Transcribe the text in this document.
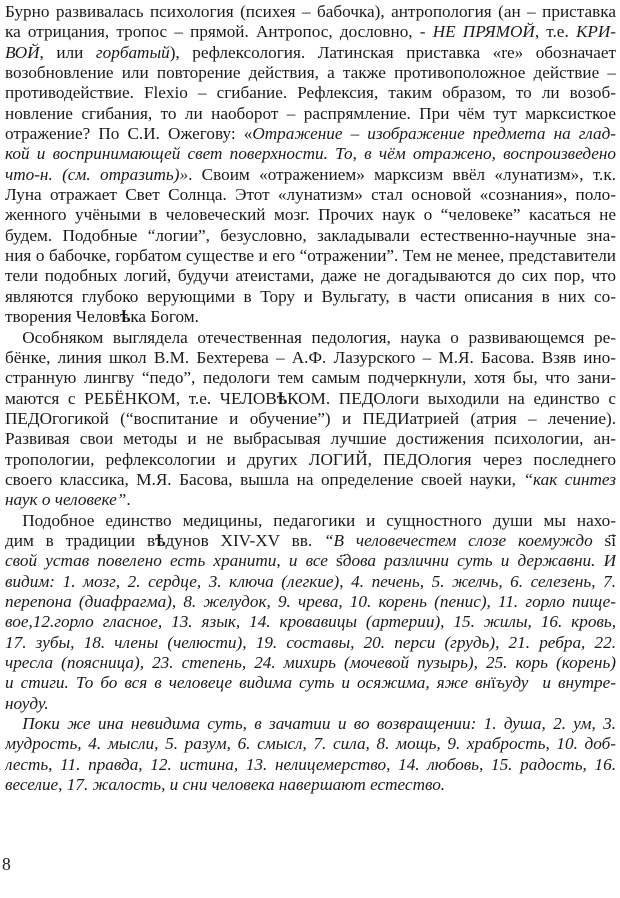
Бурно развивалась психология (психея – бабочка), антропология (ан – приставка
ка отрицания, тропос – прямой. Антропос, дословно, - НЕ ПРЯМОЙ, т.е. КРИ-
ВОЙ, или горбатый), рефлексология. Латинская приставка «re» обозначает
возобновление или повторение действия, а также противоположное действие –
противодействие. Flexio – сгибание. Рефлексия, таким образом, то ли возоб-
новление сгибания, то ли наоборот – распрямление. При чём тут марксисткое
отражение? По С.И. Ожегову: «Отражение – изображение предмета на глад-
кой и воспринимающей свет поверхности. То, в чём отражено, воспроизведено
что-н. (см. отразить)». Своим «отражением» марксизм ввёл «лунатизм», т.к.
Луна отражает Свет Солнца. Этот «лунатизм» стал основой «сознания», поло-
женного учёными в человеческий мозг. Прочих наук о “человеке” касаться не
будем. Подобные “логии”, безусловно, закладывали естественно-научные зна-
ния о бабочке, горбатом существе и его “отражении”. Тем не менее, представители
тели подобных логий, будучи атеистами, даже не догадываются до сих пор, что
являются глубоко верующими в Тору и Вульгату, в части описания в них со-
творения Человѣка Богом.
 Особняком выглядела отечественная педология, наука о развивающемся ре-
бёнке, линия школ В.М. Бехтерева – А.Ф. Лазурского – М.Я. Басова. Взяв ино-
странную лингву “педо”, педологи тем самым подчеркнули, хотя бы, что зани-
маются с РЕБЁНКОМ, т.е. ЧЕЛОВѣКОМ. ПЕДОлоги выходили на единство с
ПЕДОгогикой (“воспитание и обучение”) и ПЕДИатрией (атрия – лечение).
Развивая свои методы и не выбрасывая лучшие достижения психологии, ан-
тропологии, рефлексологии и других ЛОГИЙ, ПЕДОлогия через последнего
своего классика, М.Я. Басова, вышла на определение своей науки, “как синтез
наук о человеке”.
 Подобное единство медицины, педагогики и сущностного души мы нахо-
дим в традиции вѣдунов XIV-XV вв. “В человечестем слозе коемуждо ѕ҃і҃
свой устав повелено есть хранити, и все ѕ҃дова различни суть и державни. И
видим: 1. мозг, 2. сердце, 3. ключа (легкие), 4. печень, 5. желчь, 6. селезень, 7.
перепона (диафрагма), 8. желудок, 9. чрева, 10. корень (пенис), 11. горло пище-
вое,12.горло гласное, 13. язык, 14. кровавицы (артерии), 15. жилы, 16. кровь,
17. зубы, 18. члены (челюсти), 19. составы, 20. перси (грудь), 21. ребра, 22.
чресла (поясница), 23. степень, 24. михирь (мочевой пузырь), 25. корь (корень)
и стиги. То бо вся в человеце видима суть и осяжима, яже внїъуду  и внутре-
ноуду.
 Поки же ина невидима суть, в зачатии и во возвращении: 1. душа, 2. ум, 3.
мудрость, 4. мысли, 5. разум, 6. смысл, 7. сила, 8. мощь, 9. храбрость, 10. доб-
лесть, 11. правда, 12. истина, 13. нелицемерство, 14. любовь, 15. радость, 16.
веселие, 17. жалость, и сни человека навершают естество.
8
